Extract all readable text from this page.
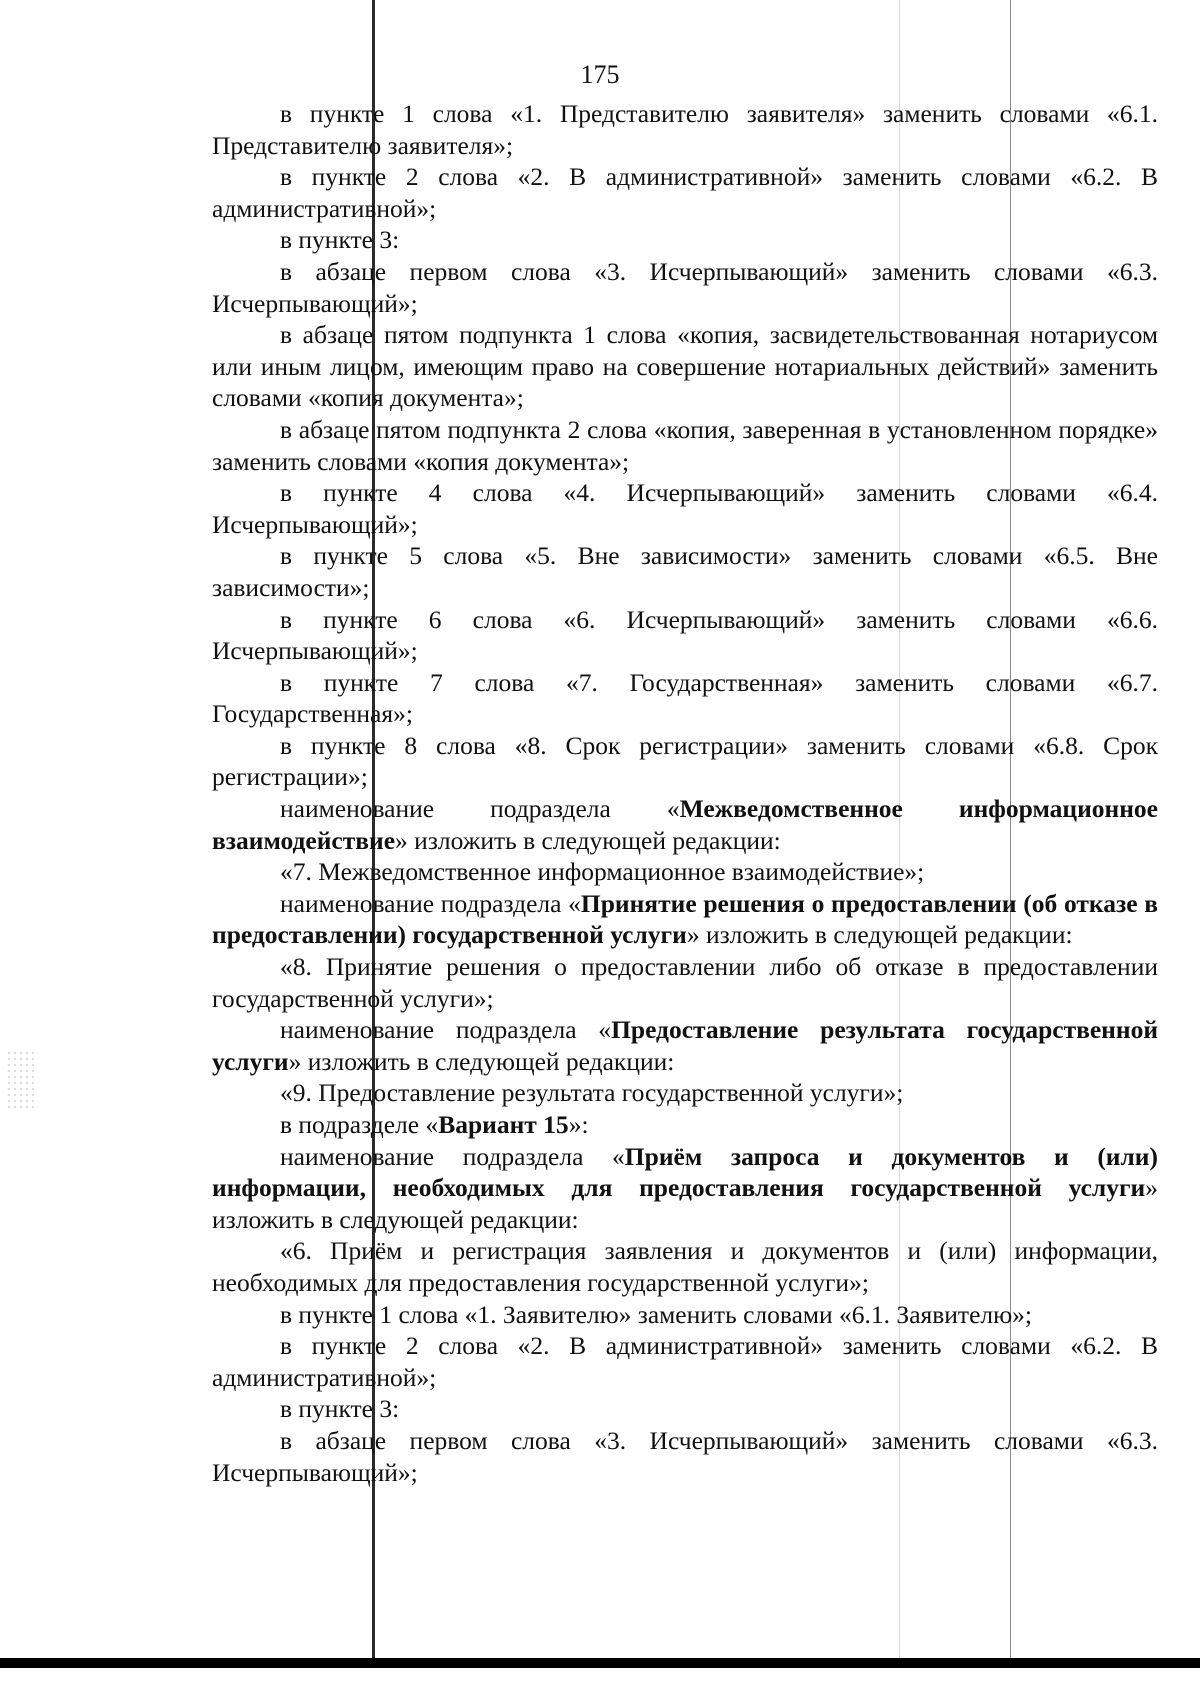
175

в пункте 1 слова «1. Представителю заявителя» заменить словами «6.1. Представителю заявителя»;

в пункте 2 слова «2. В административной» заменить словами «6.2. В административной»;

в пункте 3:

в абзаце первом слова «3. Исчерпывающий» заменить словами «6.3. Исчерпывающий»;

в абзаце пятом подпункта 1 слова «копия, засвидетельствованная нотариусом или иным лицом, имеющим право на совершение нотариальных действий» заменить словами «копия документа»;

в абзаце пятом подпункта 2 слова «копия, заверенная в установленном порядке» заменить словами «копия документа»;

в пункте 4 слова «4. Исчерпывающий» заменить словами «6.4. Исчерпывающий»;

в пункте 5 слова «5. Вне зависимости» заменить словами «6.5. Вне зависимости»;

в пункте 6 слова «6. Исчерпывающий» заменить словами «6.6. Исчерпывающий»;

в пункте 7 слова «7. Государственная» заменить словами «6.7. Государственная»;

в пункте 8 слова «8. Срок регистрации» заменить словами «6.8. Срок регистрации»;

наименование подраздела «Межведомственное информационное взаимодействие» изложить в следующей редакции:

«7. Межведомственное информационное взаимодействие»;

наименование подраздела «Принятие решения о предоставлении (об отказе в предоставлении) государственной услуги» изложить в следующей редакции:

«8. Принятие решения о предоставлении либо об отказе в предоставлении государственной услуги»;

наименование подраздела «Предоставление результата государственной услуги» изложить в следующей редакции:

«9. Предоставление результата государственной услуги»;

в подразделе «Вариант 15»:

наименование подраздела «Приём запроса и документов и (или) информации, необходимых для предоставления государственной услуги» изложить в следующей редакции:

«6. Приём и регистрация заявления и документов и (или) информации, необходимых для предоставления государственной услуги»;

в пункте 1 слова «1. Заявителю» заменить словами «6.1. Заявителю»;

в пункте 2 слова «2. В административной» заменить словами «6.2. В административной»;

в пункте 3:

в абзаце первом слова «3. Исчерпывающий» заменить словами «6.3. Исчерпывающий»;
